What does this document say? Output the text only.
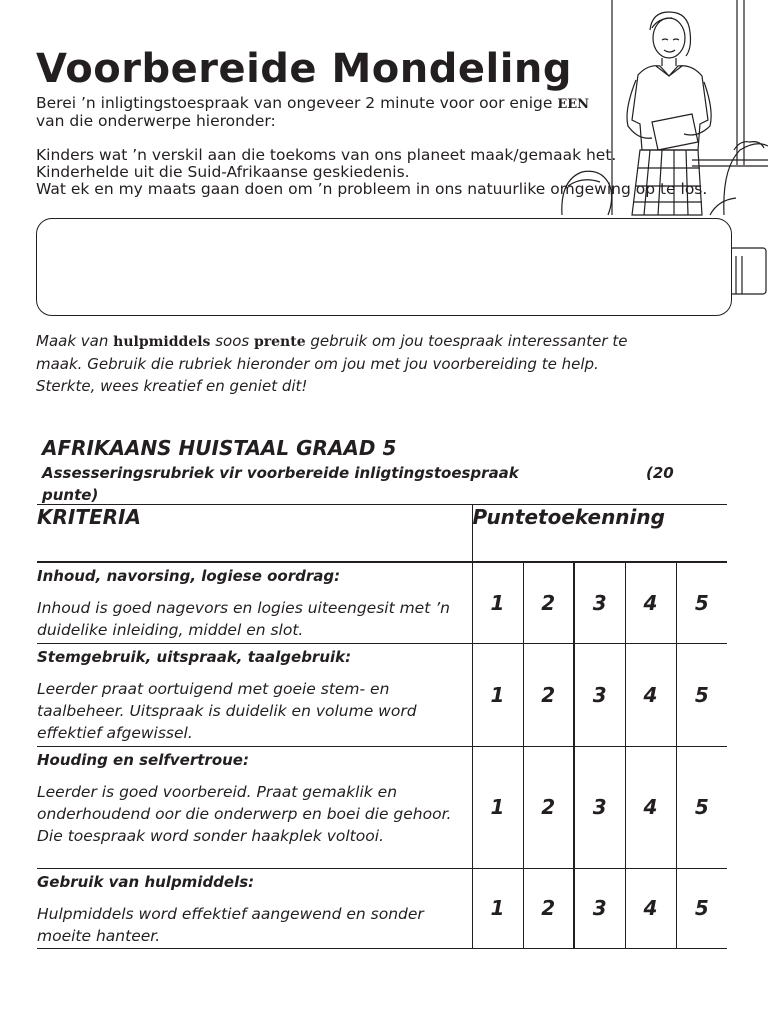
Voorbereide Mondeling
Berei ’n inligtingstoespraak van ongeveer 2 minute voor oor enige EEN
van die onderwerpe hieronder:
Kinders wat ’n verskil aan die toekoms van ons planeet maak/gemaak het.
Kinderhelde uit die Suid-Afrikaanse geskiedenis.
Wat ek en my maats gaan doen om ’n probleem in ons natuurlike omgewing op te los.
Maak van hulpmiddels soos prente gebruik om jou toespraak interessanter te maak. Gebruik die rubriek hieronder om jou met jou voorbereiding te help.
Sterkte, wees kreatief en geniet dit!
AFRIKAANS HUISTAAL GRAAD 5
Assesseringsrubriek vir voorbereide inligtingstoespraak	(20
punte)
KRITERIA	Puntetoekenning				

Inhoud, navorsing, logiese oordrag:
Inhoud is goed nagevors en logies uiteengesit met ’n duidelike inleiding, middel en slot.	1	2	3	4	5

Stemgebruik, uitspraak, taalgebruik:
Leerder praat oortuigend met goeie stem- en taalbeheer. Uitspraak is duidelik en volume word effektief afgewissel.	1	2	3	4	5

Houding en selfvertroue:
Leerder is goed voorbereid. Praat gemaklik en onderhoudend oor die onderwerp en boei die gehoor. Die toespraak word sonder haakplek voltooi.	1	2	3	4	5

Gebruik van hulpmiddels:
Hulpmiddels word effektief aangewend en sonder moeite hanteer.	1	2	3	4	5
